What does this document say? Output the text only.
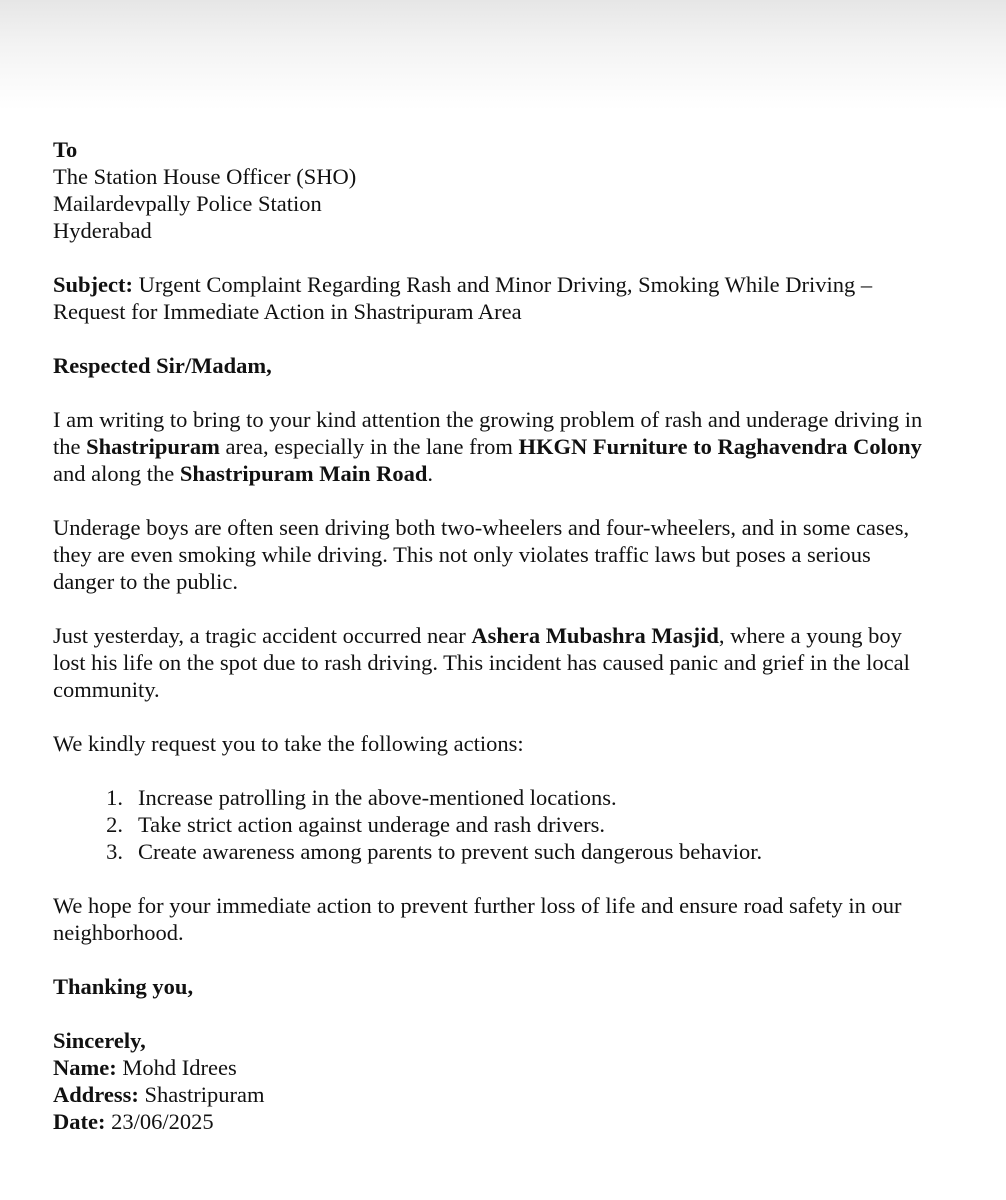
To
The Station House Officer (SHO)
Mailardevpally Police Station
Hyderabad
Subject: Urgent Complaint Regarding Rash and Minor Driving, Smoking While Driving –
Request for Immediate Action in Shastripuram Area
Respected Sir/Madam,
I am writing to bring to your kind attention the growing problem of rash and underage driving in
the Shastripuram area, especially in the lane from HKGN Furniture to Raghavendra Colony
and along the Shastripuram Main Road.
Underage boys are often seen driving both two-wheelers and four-wheelers, and in some cases,
they are even smoking while driving. This not only violates traffic laws but poses a serious
danger to the public.
Just yesterday, a tragic accident occurred near Ashera Mubashra Masjid, where a young boy
lost his life on the spot due to rash driving. This incident has caused panic and grief in the local
community.
We kindly request you to take the following actions:
1. Increase patrolling in the above-mentioned locations.
2. Take strict action against underage and rash drivers.
3. Create awareness among parents to prevent such dangerous behavior.
We hope for your immediate action to prevent further loss of life and ensure road safety in our
neighborhood.
Thanking you,
Sincerely,
Name: Mohd Idrees
Address: Shastripuram
Date: 23/06/2025
